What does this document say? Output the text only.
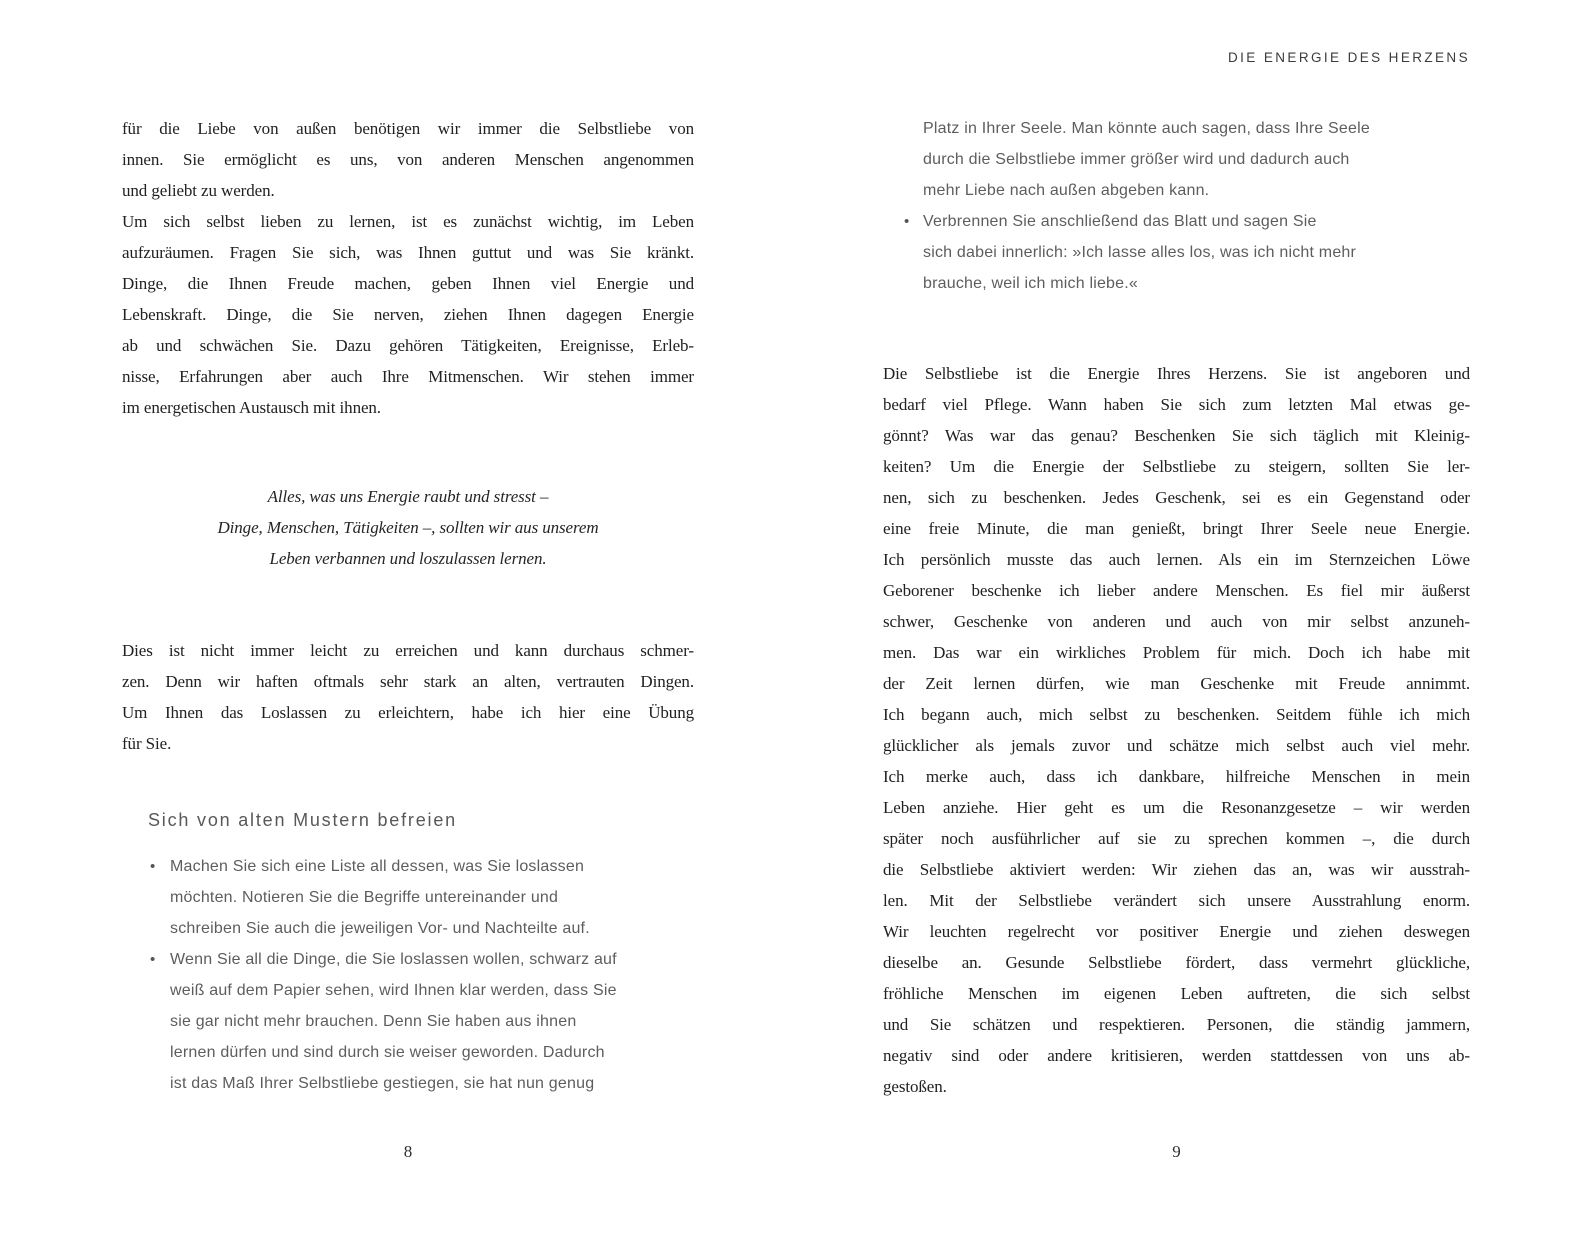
DIE ENERGIE DES HERZENS
für die Liebe von außen benötigen wir immer die Selbstliebe von
innen. Sie ermöglicht es uns, von anderen Menschen angenommen
und geliebt zu werden.
Um sich selbst lieben zu lernen, ist es zunächst wichtig, im Leben
aufzuräumen. Fragen Sie sich, was Ihnen guttut und was Sie kränkt.
Dinge, die Ihnen Freude machen, geben Ihnen viel Energie und
Lebenskraft. Dinge, die Sie nerven, ziehen Ihnen dagegen Energie
ab und schwächen Sie. Dazu gehören Tätigkeiten, Ereignisse, Erleb-
nisse, Erfahrungen aber auch Ihre Mitmenschen. Wir stehen immer
im energetischen Austausch mit ihnen.
Alles, was uns Energie raubt und stresst –
Dinge, Menschen, Tätigkeiten –, sollten wir aus unserem
Leben verbannen und loszulassen lernen.
Dies ist nicht immer leicht zu erreichen und kann durchaus schmer-
zen. Denn wir haften oftmals sehr stark an alten, vertrauten Dingen.
Um Ihnen das Loslassen zu erleichtern, habe ich hier eine Übung
für Sie.
Sich von alten Mustern befreien
• Machen Sie sich eine Liste all dessen, was Sie loslassen
möchten. Notieren Sie die Begriffe untereinander und
schreiben Sie auch die jeweiligen Vor- und Nachteilte auf.
• Wenn Sie all die Dinge, die Sie loslassen wollen, schwarz auf
weiß auf dem Papier sehen, wird Ihnen klar werden, dass Sie
sie gar nicht mehr brauchen. Denn Sie haben aus ihnen
lernen dürfen und sind durch sie weiser geworden. Dadurch
ist das Maß Ihrer Selbstliebe gestiegen, sie hat nun genug
Platz in Ihrer Seele. Man könnte auch sagen, dass Ihre Seele
durch die Selbstliebe immer größer wird und dadurch auch
mehr Liebe nach außen abgeben kann.
• Verbrennen Sie anschließend das Blatt und sagen Sie
sich dabei innerlich: »Ich lasse alles los, was ich nicht mehr
brauche, weil ich mich liebe.«
Die Selbstliebe ist die Energie Ihres Herzens. Sie ist angeboren und
bedarf viel Pflege. Wann haben Sie sich zum letzten Mal etwas ge-
gönnt? Was war das genau? Beschenken Sie sich täglich mit Kleinig-
keiten? Um die Energie der Selbstliebe zu steigern, sollten Sie ler-
nen, sich zu beschenken. Jedes Geschenk, sei es ein Gegenstand oder
eine freie Minute, die man genießt, bringt Ihrer Seele neue Energie.
Ich persönlich musste das auch lernen. Als ein im Sternzeichen Löwe
Geborener beschenke ich lieber andere Menschen. Es fiel mir äußerst
schwer, Geschenke von anderen und auch von mir selbst anzuneh-
men. Das war ein wirkliches Problem für mich. Doch ich habe mit
der Zeit lernen dürfen, wie man Geschenke mit Freude annimmt.
Ich begann auch, mich selbst zu beschenken. Seitdem fühle ich mich
glücklicher als jemals zuvor und schätze mich selbst auch viel mehr.
Ich merke auch, dass ich dankbare, hilfreiche Menschen in mein
Leben anziehe. Hier geht es um die Resonanzgesetze – wir werden
später noch ausführlicher auf sie zu sprechen kommen –, die durch
die Selbstliebe aktiviert werden: Wir ziehen das an, was wir ausstrah-
len. Mit der Selbstliebe verändert sich unsere Ausstrahlung enorm.
Wir leuchten regelrecht vor positiver Energie und ziehen deswegen
dieselbe an. Gesunde Selbstliebe fördert, dass vermehrt glückliche,
fröhliche Menschen im eigenen Leben auftreten, die sich selbst
und Sie schätzen und respektieren. Personen, die ständig jammern,
negativ sind oder andere kritisieren, werden stattdessen von uns ab-
gestoßen.
8	9
